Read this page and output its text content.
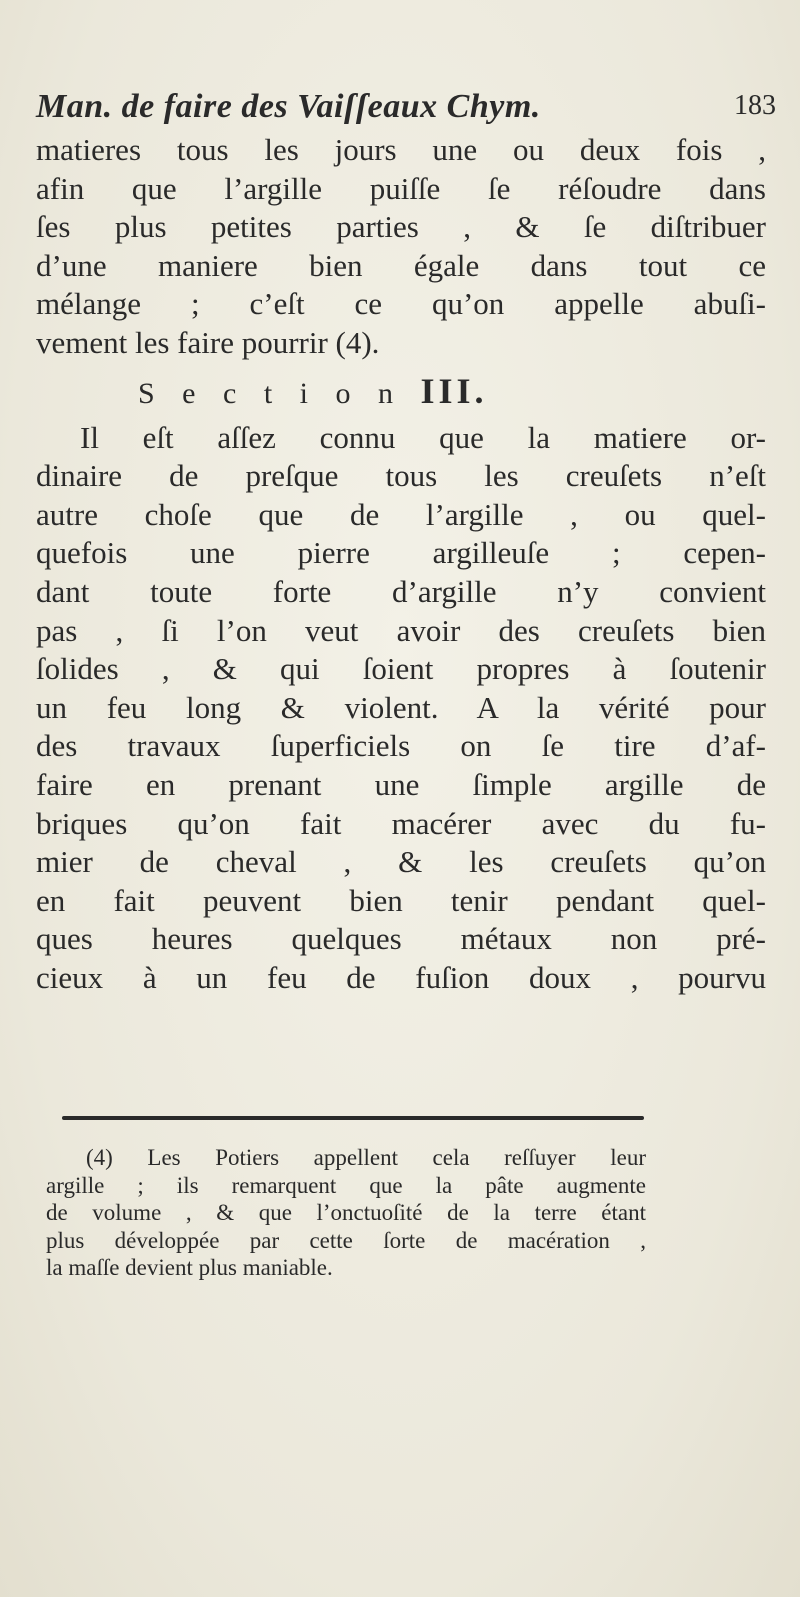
Man. de faire des Vaiſſeaux Chym.	183
matieres tous les jours une ou deux fois ,
afin que l’argille puiſſe ſe réſoudre dans
ſes plus petites parties , & ſe diſtribuer
d’une maniere bien égale dans tout ce
mélange ; c’eſt ce qu’on appelle abuſi-
vement les faire pourrir (4).
S e c t i o n III.
Il eſt aſſez connu que la matiere or-
dinaire de preſque tous les creuſets n’eſt
autre choſe que de l’argille , ou quel-
quefois une pierre argilleuſe ; cepen-
dant toute forte d’argille n’y convient
pas , ſi l’on veut avoir des creuſets bien
ſolides , & qui ſoient propres à ſoutenir
un feu long & violent. A la vérité pour
des travaux ſuperficiels on ſe tire d’af-
faire en prenant une ſimple argille de
briques qu’on fait macérer avec du fu-
mier de cheval , & les creuſets qu’on
en fait peuvent bien tenir pendant quel-
ques heures quelques métaux non pré-
cieux à un feu de fuſion doux , pourvu
(4) Les Potiers appellent cela reſſuyer leur
argille ; ils remarquent que la pâte augmente
de volume , & que l’onctuoſité de la terre étant
plus développée par cette ſorte de macération ,
la maſſe devient plus maniable.
